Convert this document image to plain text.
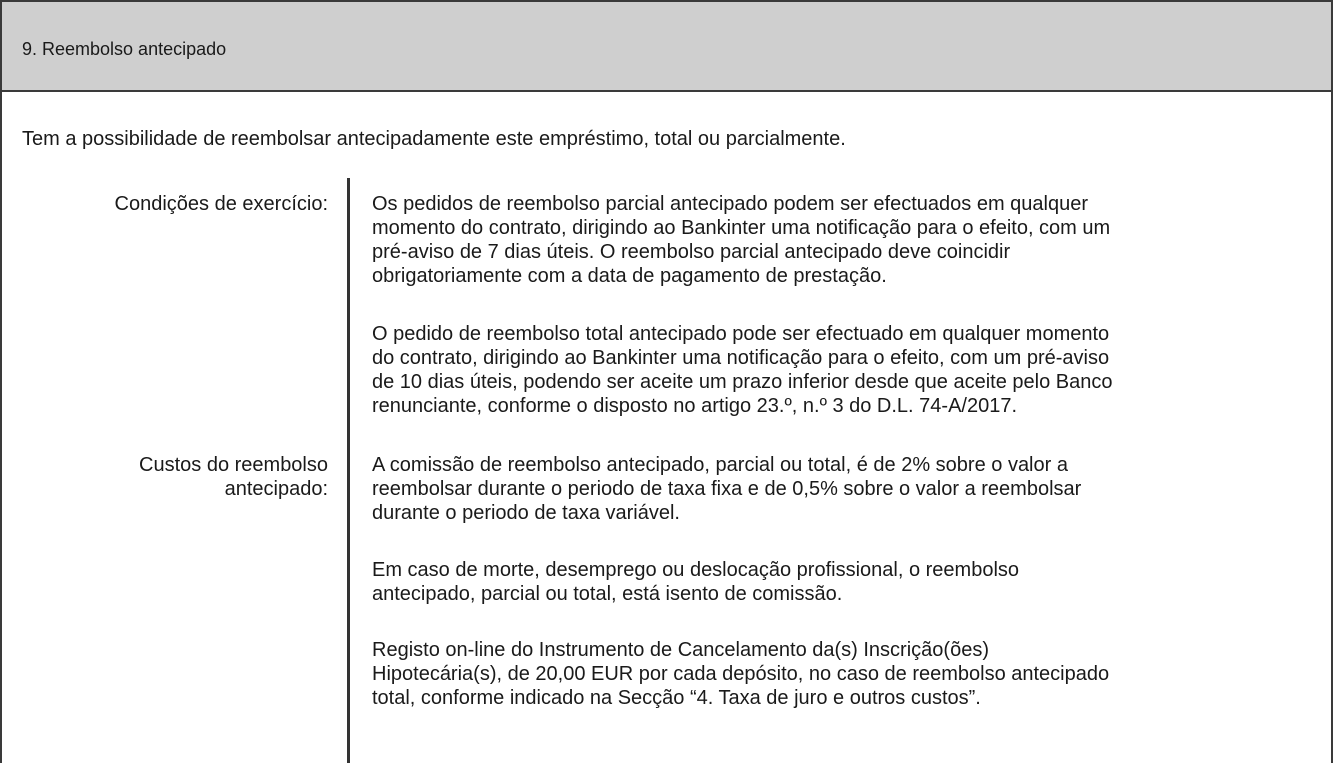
9. Reembolso antecipado
Tem a possibilidade de reembolsar antecipadamente este empréstimo, total ou parcialmente.
Condições de exercício: Os pedidos de reembolso parcial antecipado podem ser efectuados em qualquer
momento do contrato, dirigindo ao Bankinter uma notificação para o efeito, com um
pré-aviso de 7 dias úteis. O reembolso parcial antecipado deve coincidir
obrigatoriamente com a data de pagamento de prestação.
O pedido de reembolso total antecipado pode ser efectuado em qualquer momento
do contrato, dirigindo ao Bankinter uma notificação para o efeito, com um pré-aviso
de 10 dias úteis, podendo ser aceite um prazo inferior desde que aceite pelo Banco
renunciante, conforme o disposto no artigo 23.º, n.º 3 do D.L. 74-A/2017.
Custos do reembolso
antecipado:
A comissão de reembolso antecipado, parcial ou total, é de 2% sobre o valor a
reembolsar durante o periodo de taxa fixa e de 0,5% sobre o valor a reembolsar
durante o periodo de taxa variável.
Em caso de morte, desemprego ou deslocação profissional, o reembolso
antecipado, parcial ou total, está isento de comissão.
Registo on-line do Instrumento de Cancelamento da(s) Inscrição(ões)
Hipotecária(s), de 20,00 EUR por cada depósito, no caso de reembolso antecipado
total, conforme indicado na Secção “4. Taxa de juro e outros custos”.
